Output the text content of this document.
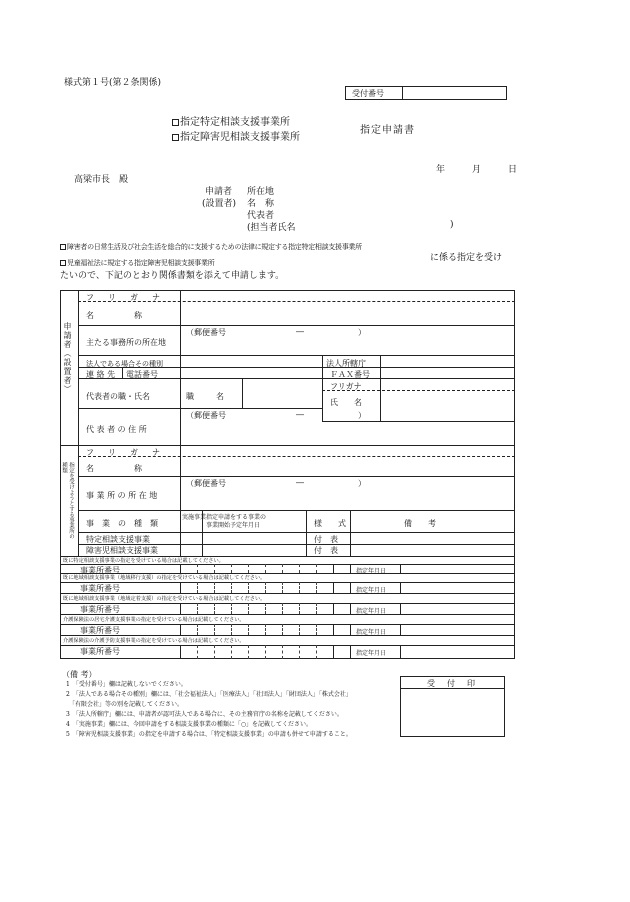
様式第１号(第２条関係)
受付番号
指定特定相談支援事業所
指定障害児相談支援事業所
指定申請書
年	月	日
高梁市長　殿
申請者 所在地
(設置者) 名　称
代表者
(担当者氏名	)
障害者の日常生活及び社会生活を総合的に支援するための法律に規定する指定特定相談支援事業所
に係る指定を受け
児童福祉法に規定する指定障害児相談支援事業所
たいので、下記のとおり関係書類を添えて申請します。
申請者（設置者）
指定を受けようとする事業所の種類
フ　リ　ガ　ナ
名　　　　　称
（郵便番号	―	）
主たる事務所の所在地
法人である場合その種別	法人所轄庁
連 絡 先 電話番号	ＦＡＸ番号
代表者の職・氏名	職　　名
フリガナ
氏　　名
（郵便番号	―	）
代 表 者 の 住 所
フ　リ　ガ　ナ
名　　　　　称
（郵便番号	―	）
事 業 所 の 所 在 地
事　業　の　種　類
実施事業 指定申請をする事業の
事業開始予定年月日	様　　式	備　　考
特定相談支援事業	付　表
障害児相談支援事業	付　表
既に特定相談支援事業の指定を受けている場合は記載してください。
事業所番号	指定年月日
既に地域相談支援事業（地域移行支援）の指定を受けている場合は記載してください。
事業所番号	指定年月日
既に地域相談支援事業（地域定着支援）の指定を受けている場合は記載してください。
事業所番号	指定年月日
介護保険法の居宅介護支援事業の指定を受けている場合は記載してください。
事業所番号	指定年月日
介護保険法の介護予防支援事業の指定を受けている場合は記載してください。
事業所番号	指定年月日
（備 考）
1　「受付番号」欄は記載しないでください。
2　「法人である場合その種別」欄には、「社会福祉法人」「医療法人」「社団法人」「財団法人」「株式会社」
　「有限会社」等の別を記載してください。
3　「法人所轄庁」欄には、申請者が認可法人である場合に、その主務官庁の名称を記載してください。
4　「実施事業」欄には、今回申請をする相談支援事業の種類に「○」を記載してください。
5　「障害児相談支援事業」の指定を申請する場合は、「特定相談支援事業」の申請も併せて申請すること。
受　付　印
